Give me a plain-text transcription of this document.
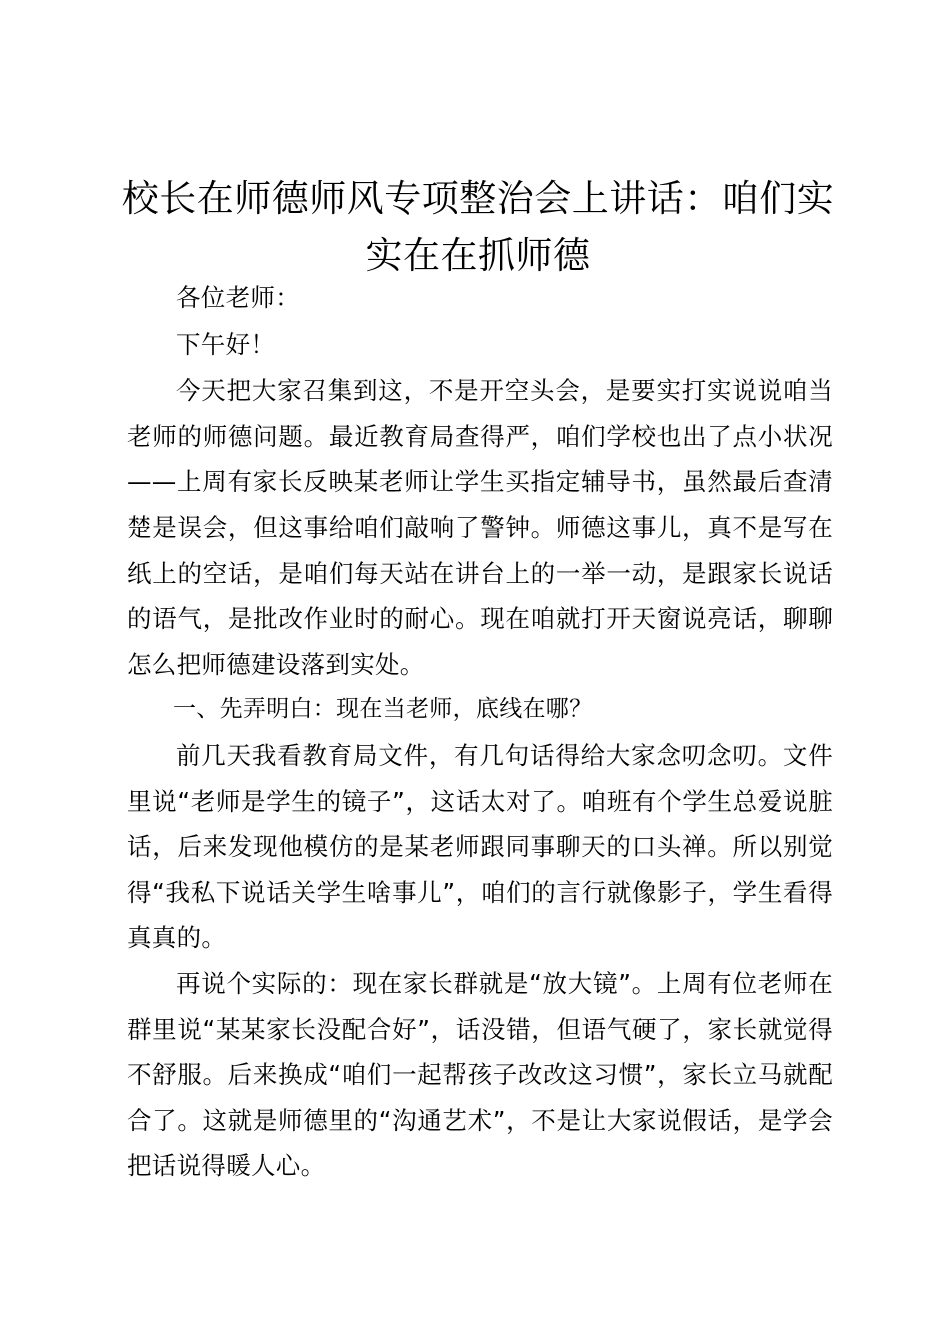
校长在师德师风专项整治会上讲话：咱们实实在在抓师德

各位老师：

下午好！

今天把大家召集到这，不是开空头会，是要实打实说说咱当老师的师德问题。最近教育局查得严，咱们学校也出了点小状况——上周有家长反映某老师让学生买指定辅导书，虽然最后查清楚是误会，但这事给咱们敲响了警钟。师德这事儿，真不是写在纸上的空话，是咱们每天站在讲台上的一举一动，是跟家长说话的语气，是批改作业时的耐心。现在咱就打开天窗说亮话，聊聊怎么把师德建设落到实处。

一、先弄明白：现在当老师，底线在哪？

前几天我看教育局文件，有几句话得给大家念叨念叨。文件里说“老师是学生的镜子”，这话太对了。咱班有个学生总爱说脏话，后来发现他模仿的是某老师跟同事聊天的口头禅。所以别觉得“我私下说话关学生啥事儿”，咱们的言行就像影子，学生看得真真的。

再说个实际的：现在家长群就是“放大镜”。上周有位老师在群里说“某某家长没配合好”，话没错，但语气硬了，家长就觉得不舒服。后来换成“咱们一起帮孩子改改这习惯”，家长立马就配合了。这就是师德里的“沟通艺术”，不是让大家说假话，是学会把话说得暖人心。
